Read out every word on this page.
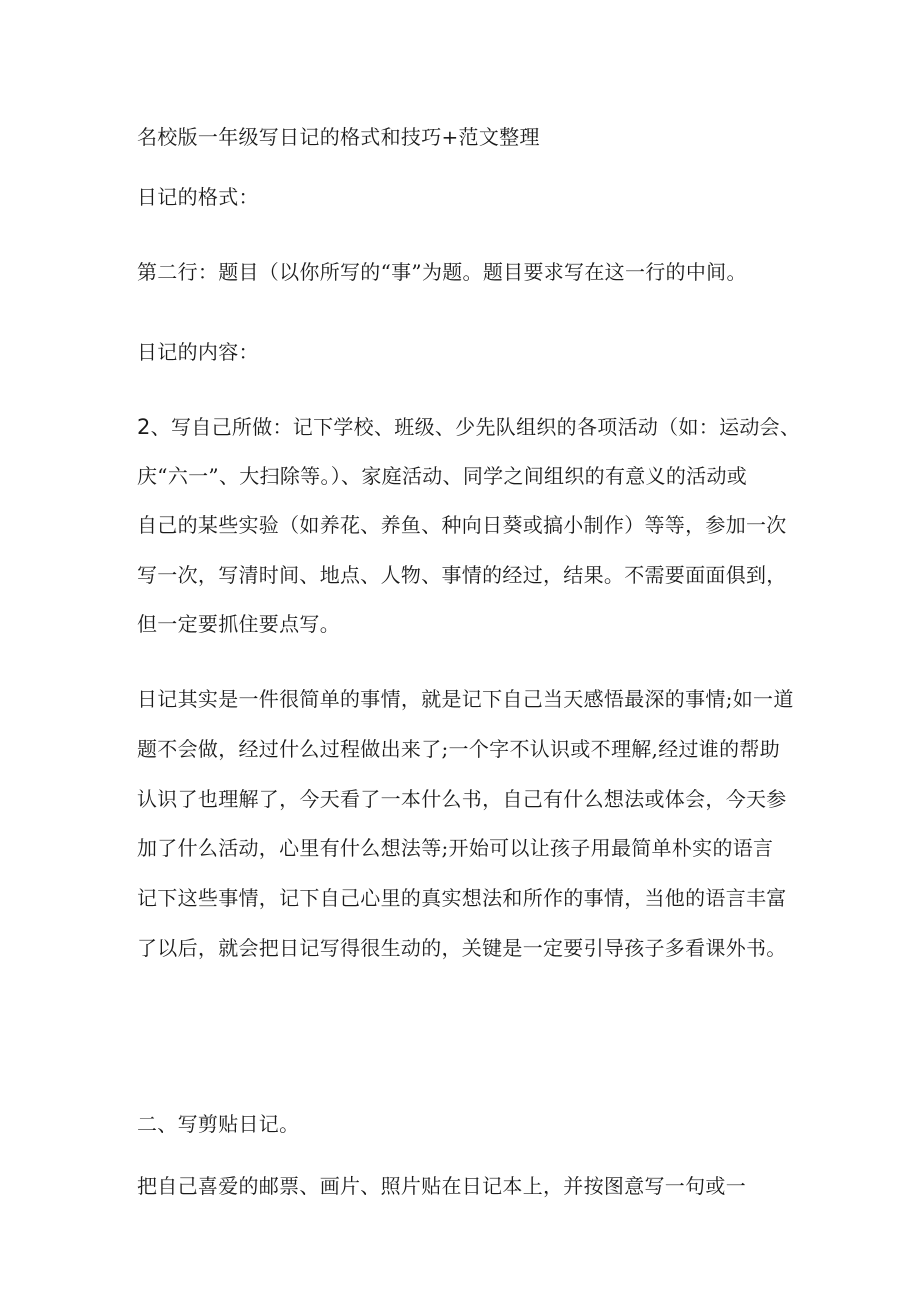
名校版一年级写日记的格式和技巧+范文整理
日记的格式：
第二行：题目（以你所写的“事”为题。题目要求写在这一行的中间。
日记的内容：
2、写自己所做：记下学校、班级、少先队组织的各项活动（如：运动会、
庆“六一”、大扫除等。）、家庭活动、同学之间组织的有意义的活动或
自己的某些实验（如养花、养鱼、种向日葵或搞小制作）等等，参加一次
写一次，写清时间、地点、人物、事情的经过，结果。不需要面面俱到，
但一定要抓住要点写。
日记其实是一件很简单的事情，就是记下自己当天感悟最深的事情;如一道
题不会做，经过什么过程做出来了;一个字不认识或不理解,经过谁的帮助
认识了也理解了，今天看了一本什么书，自己有什么想法或体会，今天参
加了什么活动，心里有什么想法等;开始可以让孩子用最简单朴实的语言
记下这些事情，记下自己心里的真实想法和所作的事情，当他的语言丰富
了以后，就会把日记写得很生动的，关键是一定要引导孩子多看课外书。
二、写剪贴日记。
把自己喜爱的邮票、画片、照片贴在日记本上，并按图意写一句或一
